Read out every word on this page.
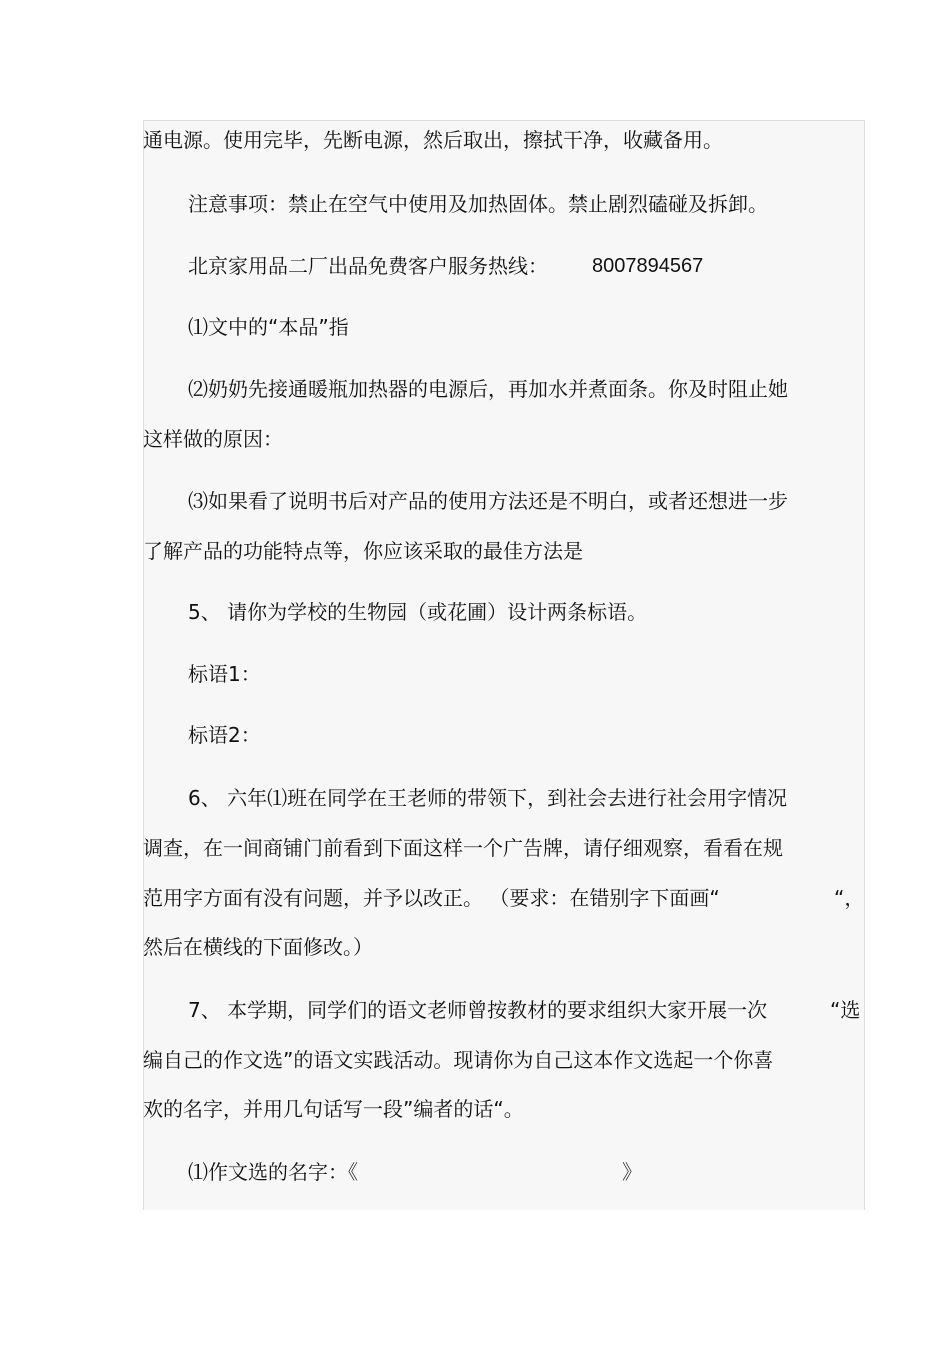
通电源。使用完毕，先断电源，然后取出，擦拭干净，收藏备用。
注意事项：禁止在空气中使用及加热固体。禁止剧烈磕碰及拆卸。
北京家用品二厂出品免费客户服务热线： 8007894567
⑴文中的“本品”指
⑵奶奶先接通暖瓶加热器的电源后，再加水并煮面条。你及时阻止她
这样做的原因：
⑶如果看了说明书后对产品的使用方法还是不明白，或者还想进一步
了解产品的功能特点等，你应该采取的最佳方法是
5、 请你为学校的生物园（或花圃）设计两条标语。
标语1：
标语2：
6、 六年⑴班在同学在王老师的带领下，到社会去进行社会用字情况
调查，在一间商铺门前看到下面这样一个广告牌，请仔细观察，看看在规
范用字方面有没有问题，并予以改正。 （要求：在错别字下面画“	“，
然后在横线的下面修改。）
7、 本学期，同学们的语文老师曾按教材的要求组织大家开展一次	“选
编自己的作文选”的语文实践活动。现请你为自己这本作文选起一个你喜
欢的名字，并用几句话写一段”编者的话“。
⑴作文选的名字：《	》
